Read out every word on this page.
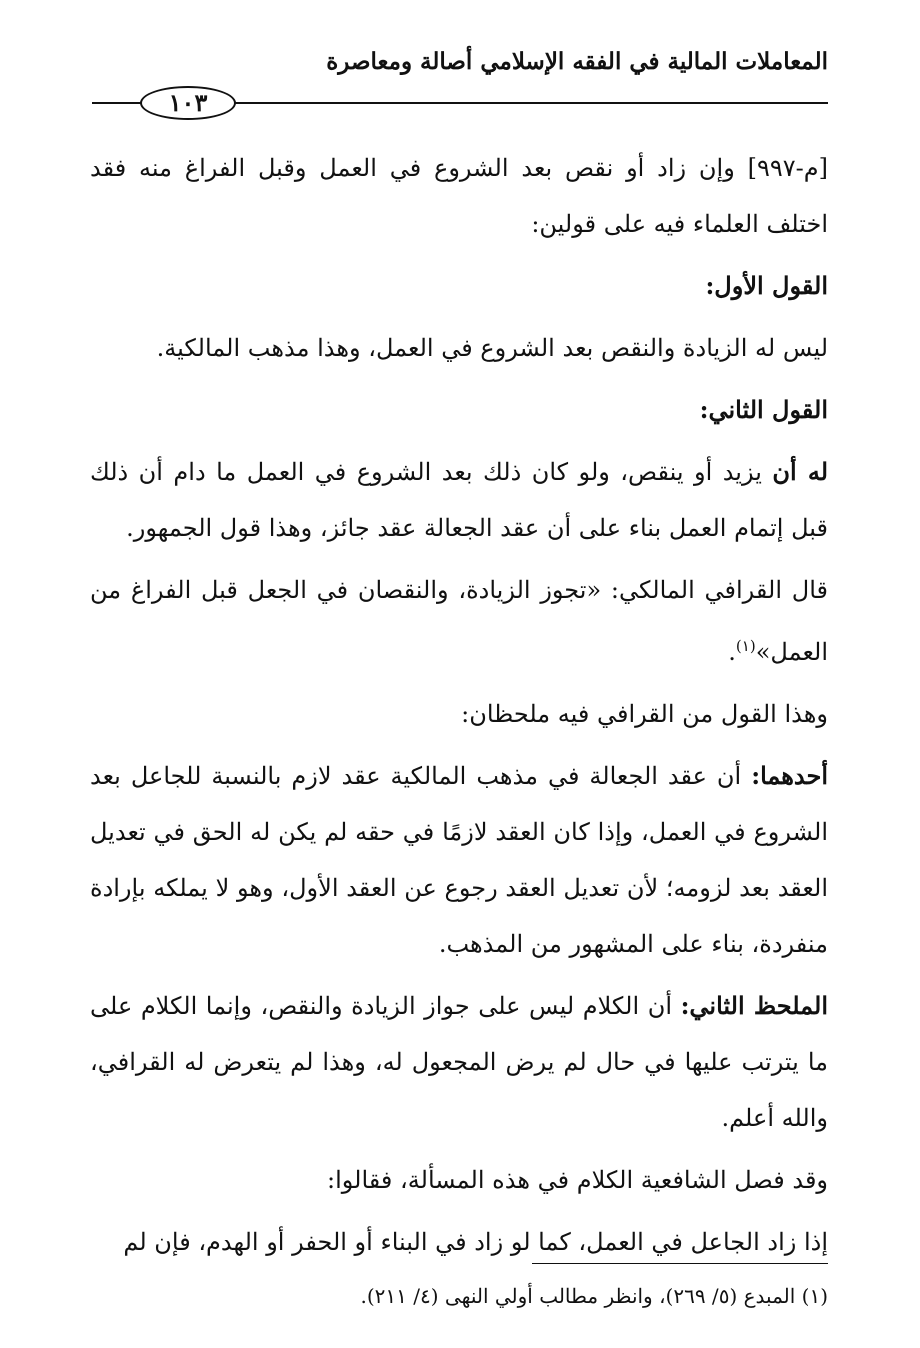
المعاملات المالية في الفقه الإسلامي أصالة ومعاصرة
١٠٣

[م-٩٩٧] وإن زاد أو نقص بعد الشروع في العمل وقبل الفراغ منه فقد اختلف العلماء فيه على قولين:

القول الأول:

ليس له الزيادة والنقص بعد الشروع في العمل، وهذا مذهب المالكية.

القول الثاني:

له أن يزيد أو ينقص، ولو كان ذلك بعد الشروع في العمل ما دام أن ذلك قبل إتمام العمل بناء على أن عقد الجعالة عقد جائز، وهذا قول الجمهور.

قال القرافي المالكي: «تجوز الزيادة، والنقصان في الجعل قبل الفراغ من العمل»$^{(١)}$.

وهذا القول من القرافي فيه ملحظان:

أحدهما: أن عقد الجعالة في مذهب المالكية عقد لازم بالنسبة للجاعل بعد الشروع في العمل، وإذا كان العقد لازمًا في حقه لم يكن له الحق في تعديل العقد بعد لزومه؛ لأن تعديل العقد رجوع عن العقد الأول، وهو لا يملكه بإرادة منفردة، بناء على المشهور من المذهب.

الملحظ الثاني: أن الكلام ليس على جواز الزيادة والنقص، وإنما الكلام على ما يترتب عليها في حال لم يرض المجعول له، وهذا لم يتعرض له القرافي، والله أعلم.

وقد فصل الشافعية الكلام في هذه المسألة، فقالوا:

إذا زاد الجاعل في العمل، كما لو زاد في البناء أو الحفر أو الهدم، فإن لم

(١) المبدع (٥/ ٢٦٩)، وانظر مطالب أولي النهى (٤/ ٢١١).
